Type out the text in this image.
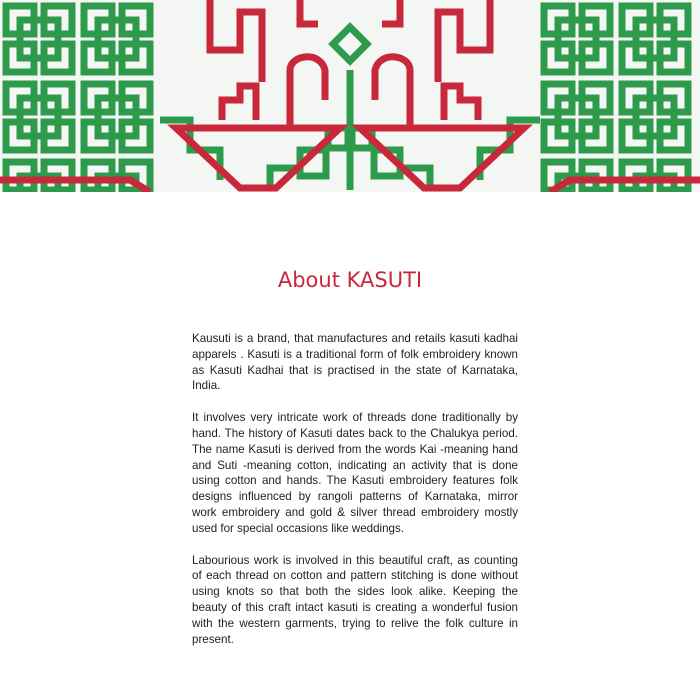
About KASUTI

Kausuti is a brand, that manufactures and retails kasuti kadhai apparels . Kasuti is a traditional form of folk embroidery known as Kasuti Kadhai that is practised in the state of Karnataka, India.

It involves very intricate work of threads done traditionally by hand. The history of Kasuti dates back to the Chalukya period. The name Kasuti is derived from the words Kai -meaning hand and Suti -meaning cotton, indicating an activity that is done using cotton and hands. The Kasuti embroidery features folk designs influenced by rangoli patterns of Karnataka, mirror work embroidery and gold & silver thread embroidery mostly used for special occasions like weddings.

Labourious work is involved in this beautiful craft, as counting of each thread on cotton and pattern stitching is done without using knots so that both the sides look alike. Keeping the beauty of this craft intact kasuti is creating a wonderful fusion with the western garments, trying to relive the folk culture in present.
